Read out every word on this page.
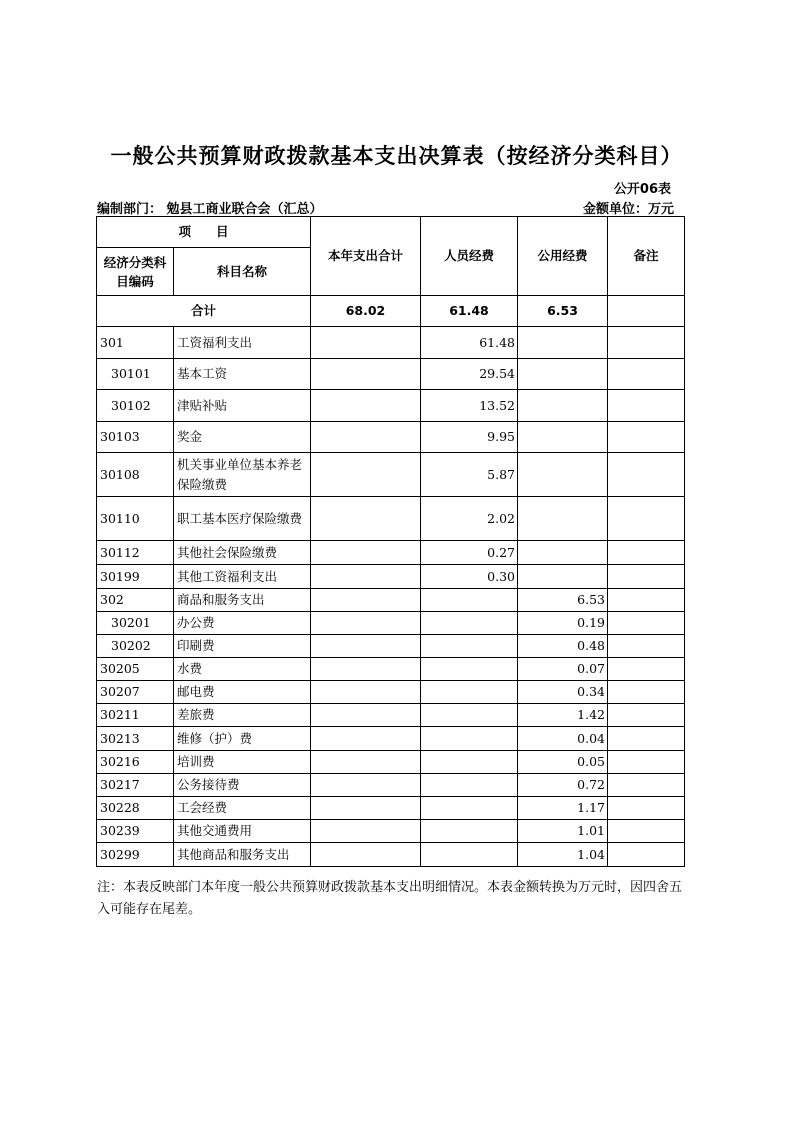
一般公共预算财政拨款基本支出决算表（按经济分类科目）
公开06表
编制部门： 勉县工商业联合会（汇总）	金额单位：万元
项　　目		本年支出合计	人员经费	公用经费	备注
经济分类科目编码	科目名称				
合计		68.02	61.48	6.53	
301	工资福利支出		61.48		
30101	基本工资		29.54		
30102	津贴补贴		13.52		
30103	奖金		9.95		
30108	机关事业单位基本养老保险缴费		5.87		
30110	职工基本医疗保险缴费		2.02		
30112	其他社会保险缴费		0.27		
30199	其他工资福利支出		0.30		
302	商品和服务支出			6.53	
30201	办公费			0.19	
30202	印刷费			0.48	
30205	水费			0.07	
30207	邮电费			0.34	
30211	差旅费			1.42	
30213	维修（护）费			0.04	
30216	培训费			0.05	
30217	公务接待费			0.72	
30228	工会经费			1.17	
30239	其他交通费用			1.01	
30299	其他商品和服务支出			1.04	
注：本表反映部门本年度一般公共预算财政拨款基本支出明细情况。本表金额转换为万元时，因四舍五入可能存在尾差。
